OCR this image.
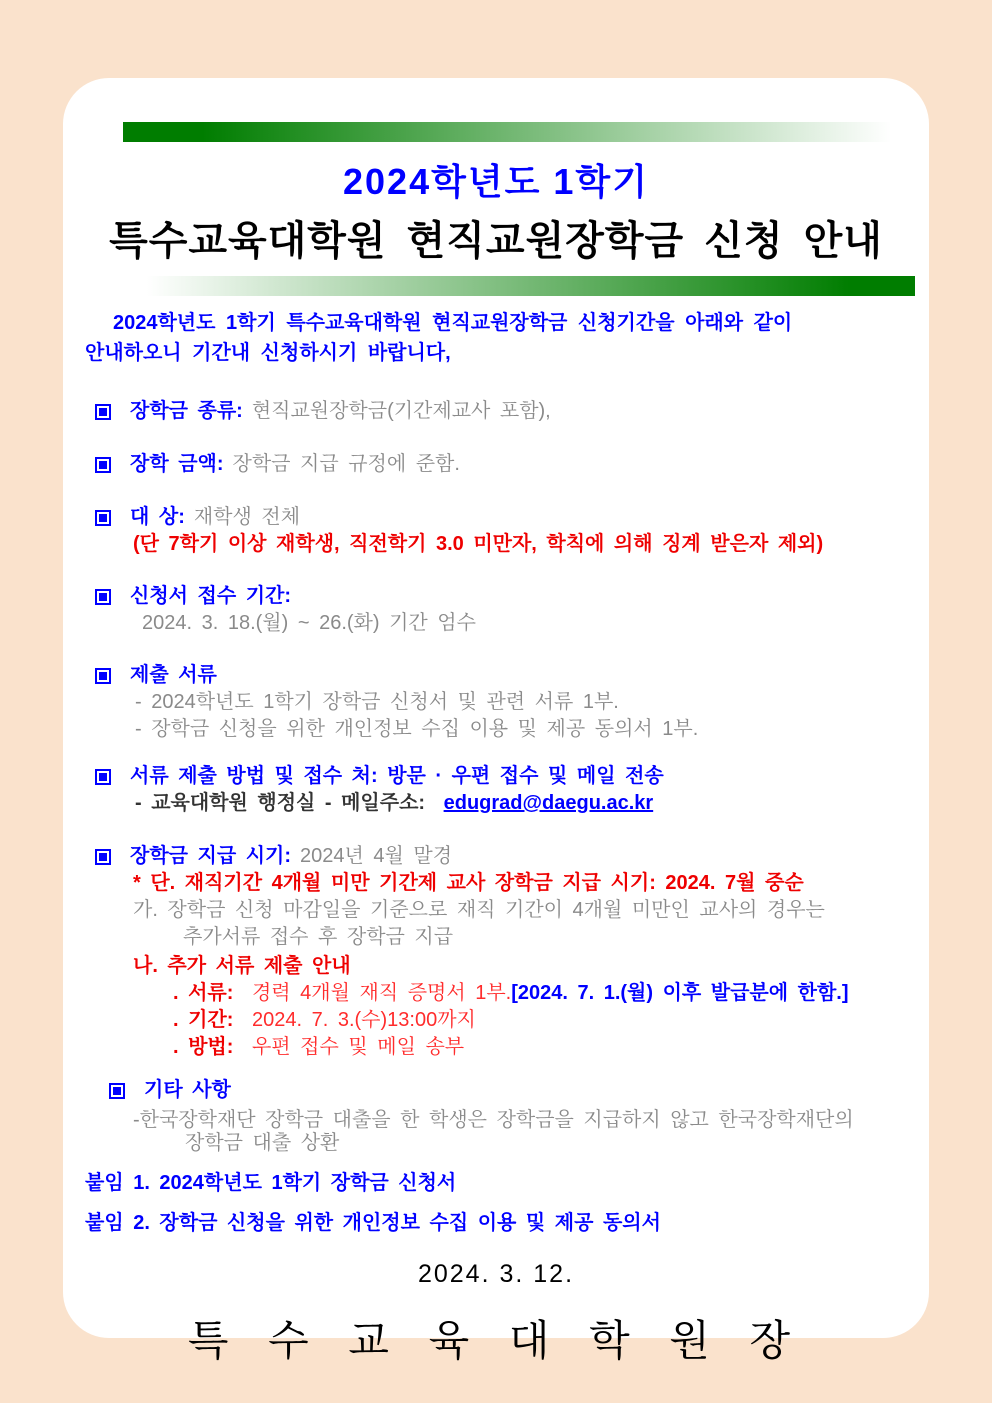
2024학년도 1학기
특수교육대학원 현직교원장학금 신청 안내
2024학년도 1학기 특수교육대학원 현직교원장학금 신청기간을 아래와 같이
안내하오니 기간내 신청하시기 바랍니다,
장학금 종류: 현직교원장학금(기간제교사 포함),
장학 금액: 장학금 지급 규정에 준함.
대 상: 재학생 전체
(단 7학기 이상 재학생, 직전학기 3.0 미만자, 학칙에 의해 징계 받은자 제외)
신청서 접수 기간:
2024. 3. 18.(월) ~ 26.(화) 기간 엄수
제출 서류
- 2024학년도 1학기 장학금 신청서 및 관련 서류 1부.
- 장학금 신청을 위한 개인정보 수집 이용 및 제공 동의서 1부.
서류 제출 방법 및 접수 처: 방문 · 우편 접수 및 메일 전송
- 교육대학원 행정실 - 메일주소: edugrad@daegu.ac.kr
장학금 지급 시기: 2024년 4월 말경
* 단. 재직기간 4개월 미만 기간제 교사 장학금 지급 시기: 2024. 7월 중순
가. 장학금 신청 마감일을 기준으로 재직 기간이 4개월 미만인 교사의 경우는
추가서류 접수 후 장학금 지급
나. 추가 서류 제출 안내
. 서류: 경력 4개월 재직 증명서 1부.[2024. 7. 1.(월) 이후 발급분에 한함.]
. 기간: 2024. 7. 3.(수)13:00까지
. 방법: 우편 접수 및 메일 송부
기타 사항
-한국장학재단 장학금 대출을 한 학생은 장학금을 지급하지 않고 한국장학재단의
장학금 대출 상환
붙임 1. 2024학년도 1학기 장학금 신청서
붙임 2. 장학금 신청을 위한 개인정보 수집 이용 및 제공 동의서
2024. 3. 12.
특 수 교 육 대 학 원 장
